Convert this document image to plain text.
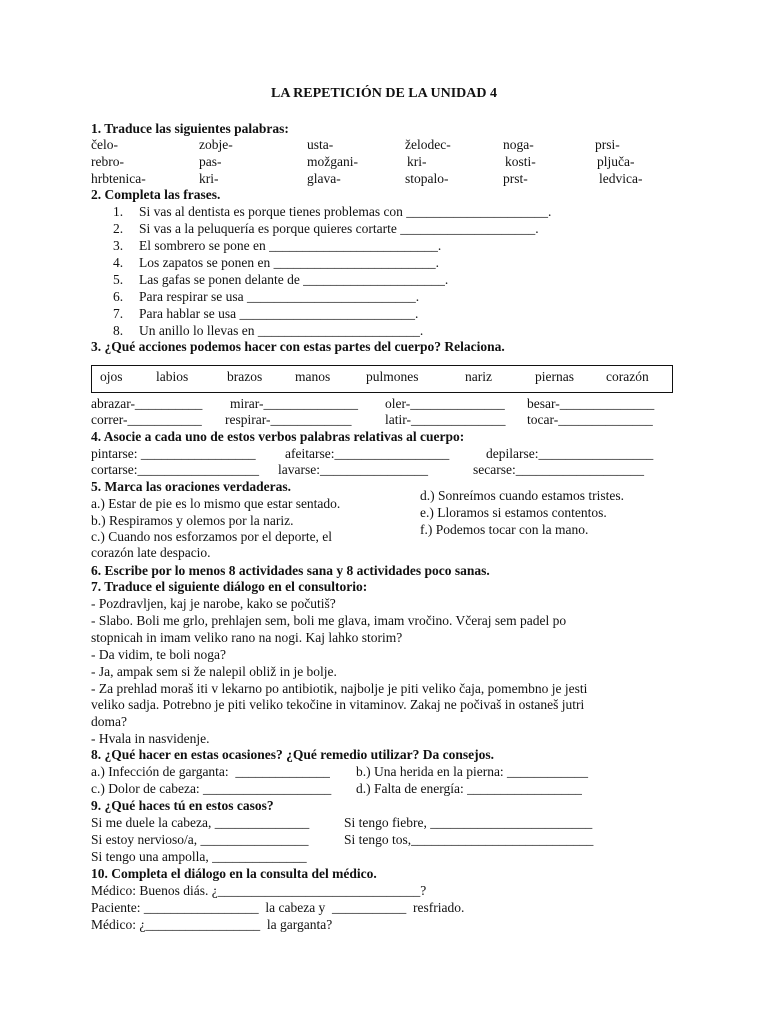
LA REPETICIÓN DE LA UNIDAD 4
1. Traduce las siguientes palabras:
čelo-	zobje-	usta-	želodec-	noga-	prsi-
rebro-	pas-	možgani-	kri-	kosti-	pljuča-
hrbtenica-	kri-	glava-	stopalo-	prst-	ledvica-
2. Completa las frases.
1.	Si vas al dentista es porque tienes problemas con _____________________.
2.	Si vas a la peluquería es porque quieres cortarte ____________________.
3.	El sombrero se pone en _________________________.
4.	Los zapatos se ponen en ________________________.
5.	Las gafas se ponen delante de _____________________.
6.	Para respirar se usa _________________________.
7.	Para hablar se usa __________________________.
8.	Un anillo lo llevas en ________________________.
3. ¿Qué acciones podemos hacer con estas partes del cuerpo? Relaciona.
ojos labios	brazos manos	pulmones	nariz	piernas corazón
abrazar-__________ mirar-______________ oler-______________ besar-______________
correr-___________ respirar-____________ latir-______________ tocar-______________
4. Asocie a cada uno de estos verbos palabras relativas al cuerpo:
pintarse: _________________ afeitarse:_________________	depilarse:_________________
cortarse:__________________ lavarse:________________	secarse:___________________
5. Marca las oraciones verdaderas.
a.) Estar de pie es lo mismo que estar sentado.
b.) Respiramos y olemos por la nariz.
c.) Cuando nos esforzamos por el deporte, el
corazón late despacio.
d.) Sonreímos cuando estamos tristes.
e.) Lloramos si estamos contentos.
f.) Podemos tocar con la mano.
6. Escribe por lo menos 8 actividades sana y 8 actividades poco sanas.
7. Traduce el siguiente diálogo en el consultorio:
- Pozdravljen, kaj je narobe, kako se počutiš?
- Slabo. Boli me grlo, prehlajen sem, boli me glava, imam vročino. Včeraj sem padel po
stopnicah in imam veliko rano na nogi. Kaj lahko storim?
- Da vidim, te boli noga?
- Ja, ampak sem si že nalepil obliž in je bolje.
- Za prehlad moraš iti v lekarno po antibiotik, najbolje je piti veliko čaja, pomembno je jesti
veliko sadja. Potrebno je piti veliko tekočine in vitaminov. Zakaj ne počivaš in ostaneš jutri
doma?
- Hvala in nasvidenje.
8. ¿Qué hacer en estas ocasiones? ¿Qué remedio utilizar? Da consejos.
a.) Infección de garganta:  ______________ b.) Una herida en la pierna: ____________
c.) Dolor de cabeza: ___________________ d.) Falta de energía: _________________
9. ¿Qué haces tú en estos casos?
Si me duele la cabeza, ______________	Si tengo fiebre, ________________________
Si estoy nervioso/a, ________________	Si tengo tos,___________________________
Si tengo una ampolla, ______________
10. Completa el diálogo en la consulta del médico.
Médico: Buenos diás. ¿______________________________?
Paciente: _________________  la cabeza y  ___________  resfriado.
Médico: ¿_________________  la garganta?
